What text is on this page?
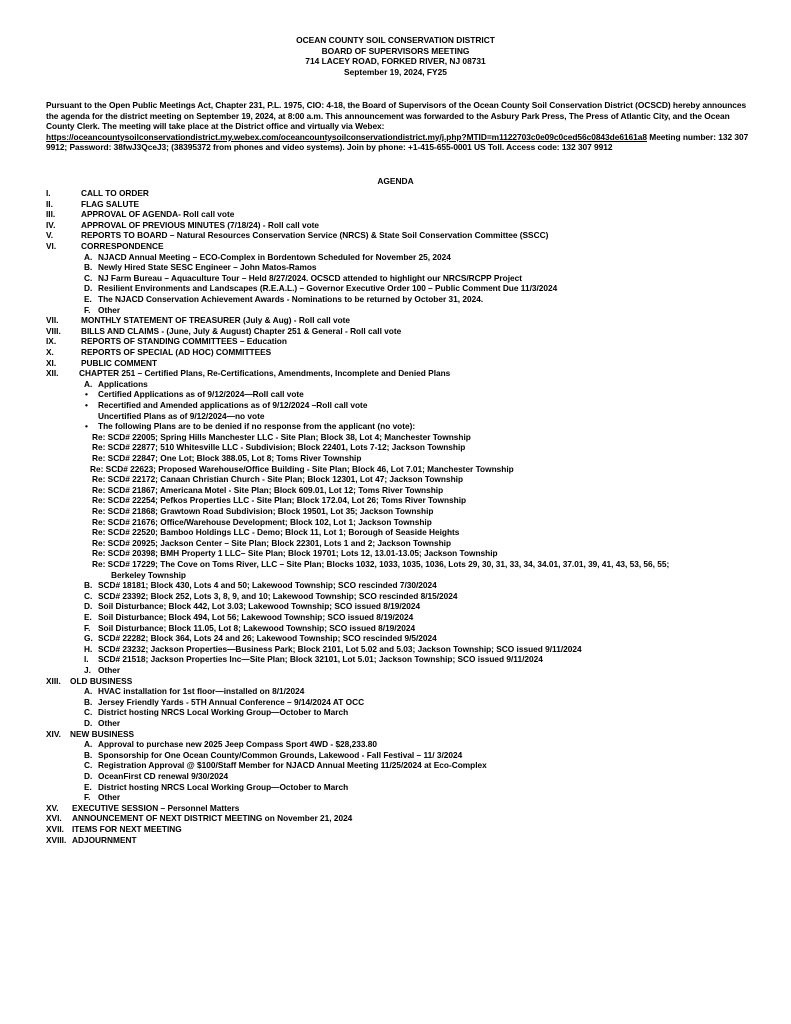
OCEAN COUNTY SOIL CONSERVATION DISTRICT
BOARD OF SUPERVISORS MEETING
714 LACEY ROAD, FORKED RIVER, NJ 08731
September 19, 2024, FY25
Pursuant to the Open Public Meetings Act, Chapter 231, P.L. 1975, CIO: 4-18, the Board of Supervisors of the Ocean County Soil Conservation District (OCSCD) hereby announces the agenda for the district meeting on September 19, 2024, at 8:00 a.m. This announcement was forwarded to the Asbury Park Press, The Press of Atlantic City, and the Ocean County Clerk. The meeting will take place at the District office and virtually via Webex:
https://oceancountysoilconservationdistrict.my.webex.com/oceancountysoilconservationdistrict.my/j.php?MTID=m1122703c0e09c0ced56c0843de6161a8 Meeting number: 132 307 9912; Password: 38fwJ3QceJ3; (38395372 from phones and video systems). Join by phone: +1-415-655-0001 US Toll. Access code: 132 307 9912
AGENDA
I.	CALL TO ORDER
II.	FLAG SALUTE
III.	APPROVAL OF AGENDA- Roll call vote
IV.	APPROVAL OF PREVIOUS MINUTES (7/18/24) - Roll call vote
V.	REPORTS TO BOARD – Natural Resources Conservation Service (NRCS) & State Soil Conservation Committee (SSCC)
VI.	CORRESPONDENCE
A. NJACD Annual Meeting – ECO-Complex in Bordentown Scheduled for November 25, 2024
B. Newly Hired State SESC Engineer – John Matos-Ramos
C. NJ Farm Bureau – Aquaculture Tour – Held 8/27/2024. OCSCD attended to highlight our NRCS/RCPP Project
D. Resilient Environments and Landscapes (R.E.A.L.) – Governor Executive Order 100 – Public Comment Due 11/3/2024
E. The NJACD Conservation Achievement Awards - Nominations to be returned by October 31, 2024.
F. Other
VII.	MONTHLY STATEMENT OF TREASURER (July & Aug) - Roll call vote
VIII. BILLS AND CLAIMS - (June, July & August) Chapter 251 & General - Roll call vote
IX.	REPORTS OF STANDING COMMITTEES – Education
X.	REPORTS OF SPECIAL (AD HOC) COMMITTEES
XI.	PUBLIC COMMENT
XII. CHAPTER 251 – Certified Plans, Re-Certifications, Amendments, Incomplete and Denied Plans
A. Applications
• Certified Applications as of 9/12/2024—Roll call vote
• Recertified and Amended applications as of 9/12/2024 –Roll call vote
Uncertified Plans as of 9/12/2024—no vote
• The following Plans are to be denied if no response from the applicant (no vote):
Re: SCD# 22005; Spring Hills Manchester LLC - Site Plan; Block 38, Lot 4; Manchester Township
Re: SCD# 22877; 510 Whitesville LLC - Subdivision; Block 22401, Lots 7-12; Jackson Township
Re: SCD# 22847; One Lot; Block 388.05, Lot 8; Toms River Township
Re: SCD# 22623; Proposed Warehouse/Office Building - Site Plan; Block 46, Lot 7.01; Manchester Township
Re: SCD# 22172; Canaan Christian Church - Site Plan; Block 12301, Lot 47; Jackson Township
Re: SCD# 21867; Americana Motel - Site Plan; Block 609.01, Lot 12; Toms River Township
Re: SCD# 22254; Pefkos Properties LLC - Site Plan; Block 172.04, Lot 26; Toms River Township
Re: SCD# 21868; Grawtown Road Subdivision; Block 19501, Lot 35; Jackson Township
Re: SCD# 21676; Office/Warehouse Development; Block 102, Lot 1; Jackson Township
Re: SCD# 22520; Bamboo Holdings LLC - Demo; Block 11, Lot 1; Borough of Seaside Heights
Re: SCD# 20925; Jackson Center – Site Plan; Block 22301, Lots 1 and 2; Jackson Township
Re: SCD# 20398; BMH Property 1 LLC– Site Plan; Block 19701; Lots 12, 13.01-13.05; Jackson Township
Re: SCD# 17229; The Cove on Toms River, LLC – Site Plan; Blocks 1032, 1033, 1035, 1036, Lots 29, 30, 31, 33, 34, 34.01, 37.01, 39, 41, 43, 53, 56, 55;
Berkeley Township
B. SCD# 18181; Block 430, Lots 4 and 50; Lakewood Township; SCO rescinded 7/30/2024
C. SCD# 23392; Block 252, Lots 3, 8, 9, and 10; Lakewood Township; SCO rescinded 8/15/2024
D. Soil Disturbance; Block 442, Lot 3.03; Lakewood Township; SCO issued 8/19/2024
E. Soil Disturbance; Block 494, Lot 56; Lakewood Township; SCO issued 8/19/2024
F. Soil Disturbance; Block 11.05, Lot 8; Lakewood Township; SCO issued 8/19/2024
G. SCD# 22282; Block 364, Lots 24 and 26; Lakewood Township; SCO rescinded 9/5/2024
H. SCD# 23232; Jackson Properties—Business Park; Block 2101, Lot 5.02 and 5.03; Jackson Township; SCO issued 9/11/2024
I. SCD# 21518; Jackson Properties Inc—Site Plan; Block 32101, Lot 5.01; Jackson Township; SCO issued 9/11/2024
J. Other
XIII. OLD BUSINESS
A. HVAC installation for 1st floor—installed on 8/1/2024
B. Jersey Friendly Yards - 5TH Annual Conference – 9/14/2024 AT OCC
C. District hosting NRCS Local Working Group—October to March
D. Other
XIV. NEW BUSINESS
A. Approval to purchase new 2025 Jeep Compass Sport 4WD - $28,233.80
B. Sponsorship for One Ocean County/Common Grounds, Lakewood - Fall Festival – 11/ 3/2024
C. Registration Approval @ $100/Staff Member for NJACD Annual Meeting 11/25/2024 at Eco-Complex
D. OceanFirst CD renewal 9/30/2024
E. District hosting NRCS Local Working Group—October to March
F. Other
XV. EXECUTIVE SESSION – Personnel Matters
XVI. ANNOUNCEMENT OF NEXT DISTRICT MEETING on November 21, 2024
XVII. ITEMS FOR NEXT MEETING
XVIII. ADJOURNMENT
